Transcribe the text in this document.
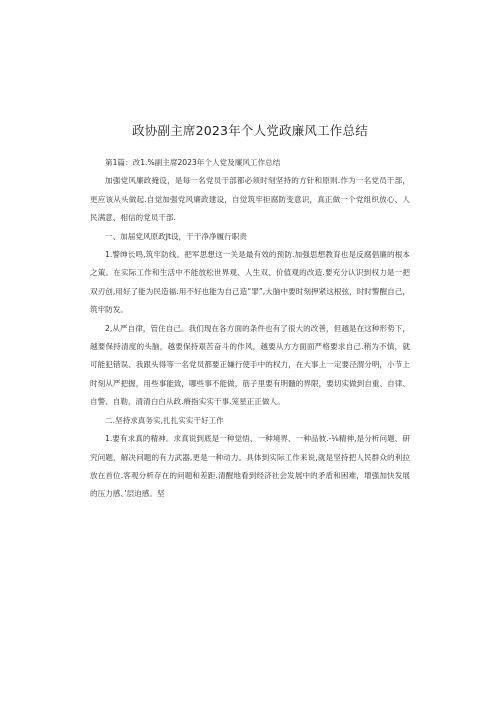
政协副主席2023年个人党政廉风工作总结

第1篇：改1.%副主席2023年个人党及廉风工作总结

加强党风廉政掩设，是每一名党员干部都必须时刻坚持的方针和原则.作为一名党员干部，更应该从头做起.自觉加强党风廉政建设，自觉筑牢拒腐防变意识，真正做一个党组织放心、人民满意、相信的党员干部.

一、加届党风原政Jt设，干干净净履行职责

1.警绅长鸣,筑牢防线。把军思想这一关是最有效的预防.加强思想教育也是反腐倡廉的根本之策。在实际工作和生活中不能放松世界观、人生双、价值观的改造.要充分认识到权力是一把双刃创,用好了能为民造福.用不好也能为自己造“罪”,大脑中要时刻押紧这根弦，时时警醒自己，筑牢防发。

2,从严自律，管住自己。我们现在各方面的条件也有了很大的改善，但越是在这种形势下，越要保持清度的头脑，越要保持艰苦奋斗的作风，越要从方方面面严格要求自己.稍为不慎，就可能犯错误、我跟头得等一名党员都要正嫌行使手中的权力，在大事上一定要泾渭分明，小节上时刻从严把握，用些事能致，哪些事不能做，筋子里要有明髓的界限，要切实做到自重、自律、自警、自勒，清清白白从政.瘠指实实干事.笼星正正做人。

二.坚持求真务实,扎扎实实干好工作

1.要有求真的精神。求真说到底是一种觉悟、一种境界、一种品彼.-⅛精神,是分析问题、研究问题，解决问题的有力武器,更是一种动力。具体到实际工作来说,就是坚持把人民群众的利拉放在首位.客观分析存在的问题和差距.清醒地看到经济社会发展中的矛盾和困难，增强加快发展的压力感、’层迫感。坚
